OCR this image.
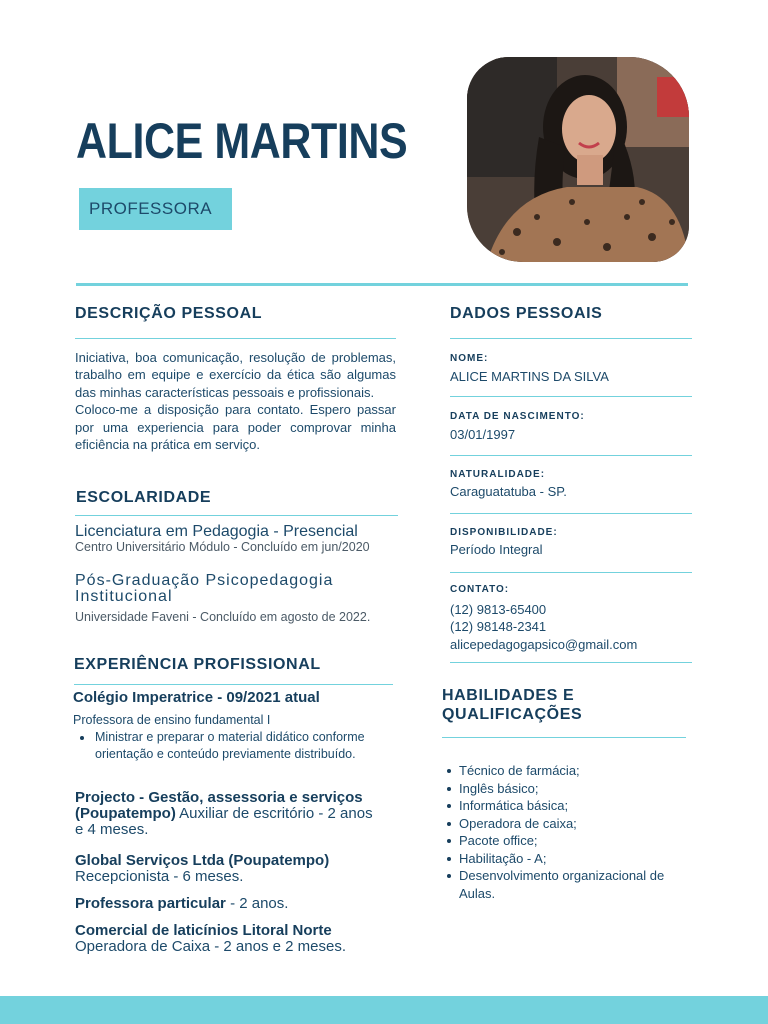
ALICE MARTINS
PROFESSORA
DESCRIÇÃO PESSOAL

Iniciativa, boa comunicação, resolução de problemas, trabalho em equipe e exercício da ética são algumas das minhas características pessoais e profissionais.

Coloco-me a disposição para contato. Espero passar por uma experiencia para poder comprovar minha eficiência na prática em serviço.

ESCOLARIDADE
Licenciatura em Pedagogia - Presencial
Centro Universitário Módulo - Concluído em jun/2020
Pós-Graduação Psicopedagogia Institucional
Universidade Faveni - Concluído em agosto de 2022.
EXPERIÊNCIA PROFISSIONAL
Colégio Imperatrice - 09/2021 atual
Professora de ensino fundamental I
Ministrar e preparar o material didático conforme orientação e conteúdo previamente distribuído.
Projecto - Gestão, assessoria e serviços (Poupatempo) Auxiliar de escritório - 2 anos e 4 meses.
Global Serviços Ltda (Poupatempo)
Recepcionista - 6 meses.
Professora particular - 2 anos.
Comercial de laticínios Litoral Norte
Operadora de Caixa - 2 anos e 2 meses.
DADOS PESSOAIS
NOME:
ALICE MARTINS DA SILVA
DATA DE NASCIMENTO:
03/01/1997
NATURALIDADE:
Caraguatatuba - SP.
DISPONIBILIDADE:
Período Integral
CONTATO:
(12) 9813-65400
(12) 98148-2341
alicepedagogapsico@gmail.com
HABILIDADES E
QUALIFICAÇÕES
Técnico de farmácia;
Inglês básico;
Informática básica;
Operadora de caixa;
Pacote office;
Habilitação - A;
Desenvolvimento organizacional de
Aulas.
